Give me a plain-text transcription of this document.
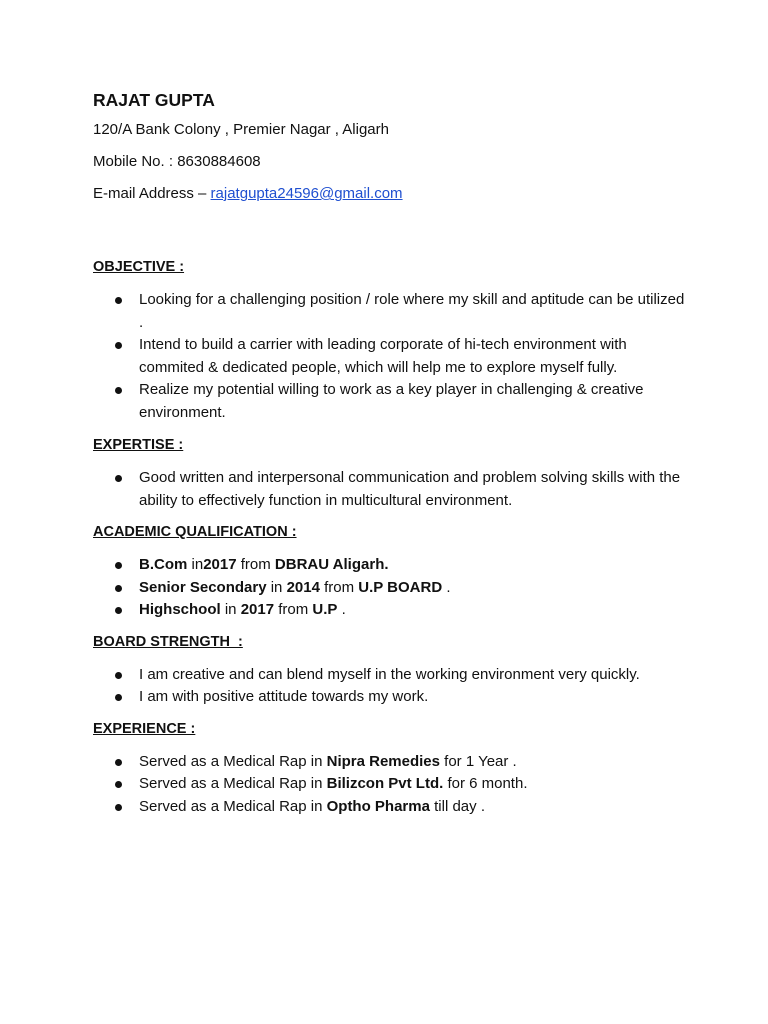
RAJAT GUPTA

120/A Bank Colony , Premier Nagar , Aligarh

Mobile No. : 8630884608

E-mail Address – rajatgupta24596@gmail.com

OBJECTIVE :

Looking for a challenging position / role where my skill and aptitude can be utilized .
Intend to build a carrier with leading corporate of hi-tech environment with commited & dedicated people, which will help me to explore myself fully.
Realize my potential willing to work as a key player in challenging & creative environment.

EXPERTISE :

Good written and interpersonal communication and problem solving skills with the ability to effectively function in multicultural environment.

ACADEMIC QUALIFICATION :

B.Com in2017 from DBRAU Aligarh.
Senior Secondary in 2014 from U.P BOARD .
Highschool in 2017 from U.P .

BOARD STRENGTH  :

I am creative and can blend myself in the working environment very quickly.
I am with positive attitude towards my work.

EXPERIENCE :

Served as a Medical Rap in Nipra Remedies for 1 Year .
Served as a Medical Rap in Bilizcon Pvt Ltd. for 6 month.
Served as a Medical Rap in Optho Pharma till day .
